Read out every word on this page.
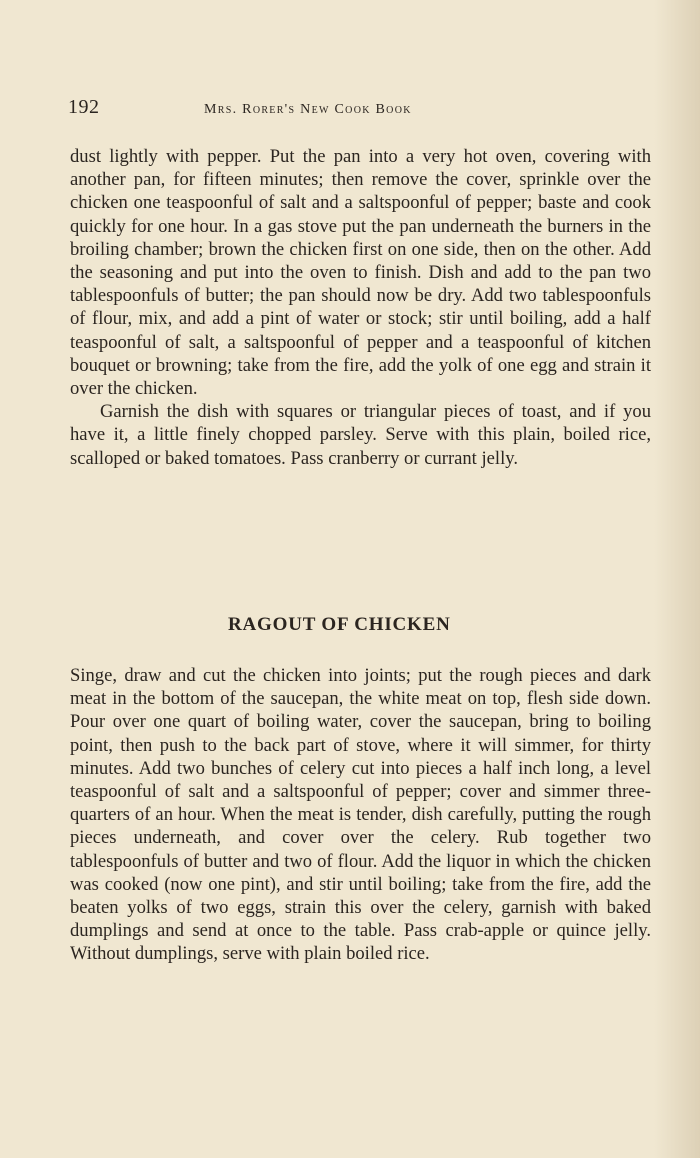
192	Mrs. Rorer's New Cook Book

dust lightly with pepper. Put the pan into a very hot oven, covering with another pan, for fifteen minutes; then remove the cover, sprinkle over the chicken one teaspoonful of salt and a saltspoonful of pepper; baste and cook quickly for one hour. In a gas stove put the pan underneath the burners in the broiling chamber; brown the chicken first on one side, then on the other. Add the seasoning and put into the oven to finish. Dish and add to the pan two tablespoonfuls of butter; the pan should now be dry. Add two tablespoonfuls of flour, mix, and add a pint of water or stock; stir until boiling, add a half teaspoonful of salt, a saltspoonful of pepper and a teaspoonful of kitchen bouquet or browning; take from the fire, add the yolk of one egg and strain it over the chicken.

Garnish the dish with squares or triangular pieces of toast, and if you have it, a little finely chopped parsley. Serve with this plain, boiled rice, scalloped or baked tomatoes. Pass cranberry or currant jelly.

RAGOUT OF CHICKEN

Singe, draw and cut the chicken into joints; put the rough pieces and dark meat in the bottom of the saucepan, the white meat on top, flesh side down. Pour over one quart of boiling water, cover the saucepan, bring to boiling point, then push to the back part of stove, where it will simmer, for thirty minutes. Add two bunches of celery cut into pieces a half inch long, a level teaspoonful of salt and a saltspoonful of pepper; cover and simmer three-quarters of an hour. When the meat is tender, dish carefully, putting the rough pieces underneath, and cover over the celery. Rub together two tablespoonfuls of butter and two of flour. Add the liquor in which the chicken was cooked (now one pint), and stir until boiling; take from the fire, add the beaten yolks of two eggs, strain this over the celery, garnish with baked dumplings and send at once to the table. Pass crab-apple or quince jelly. Without dumplings, serve with plain boiled rice.
